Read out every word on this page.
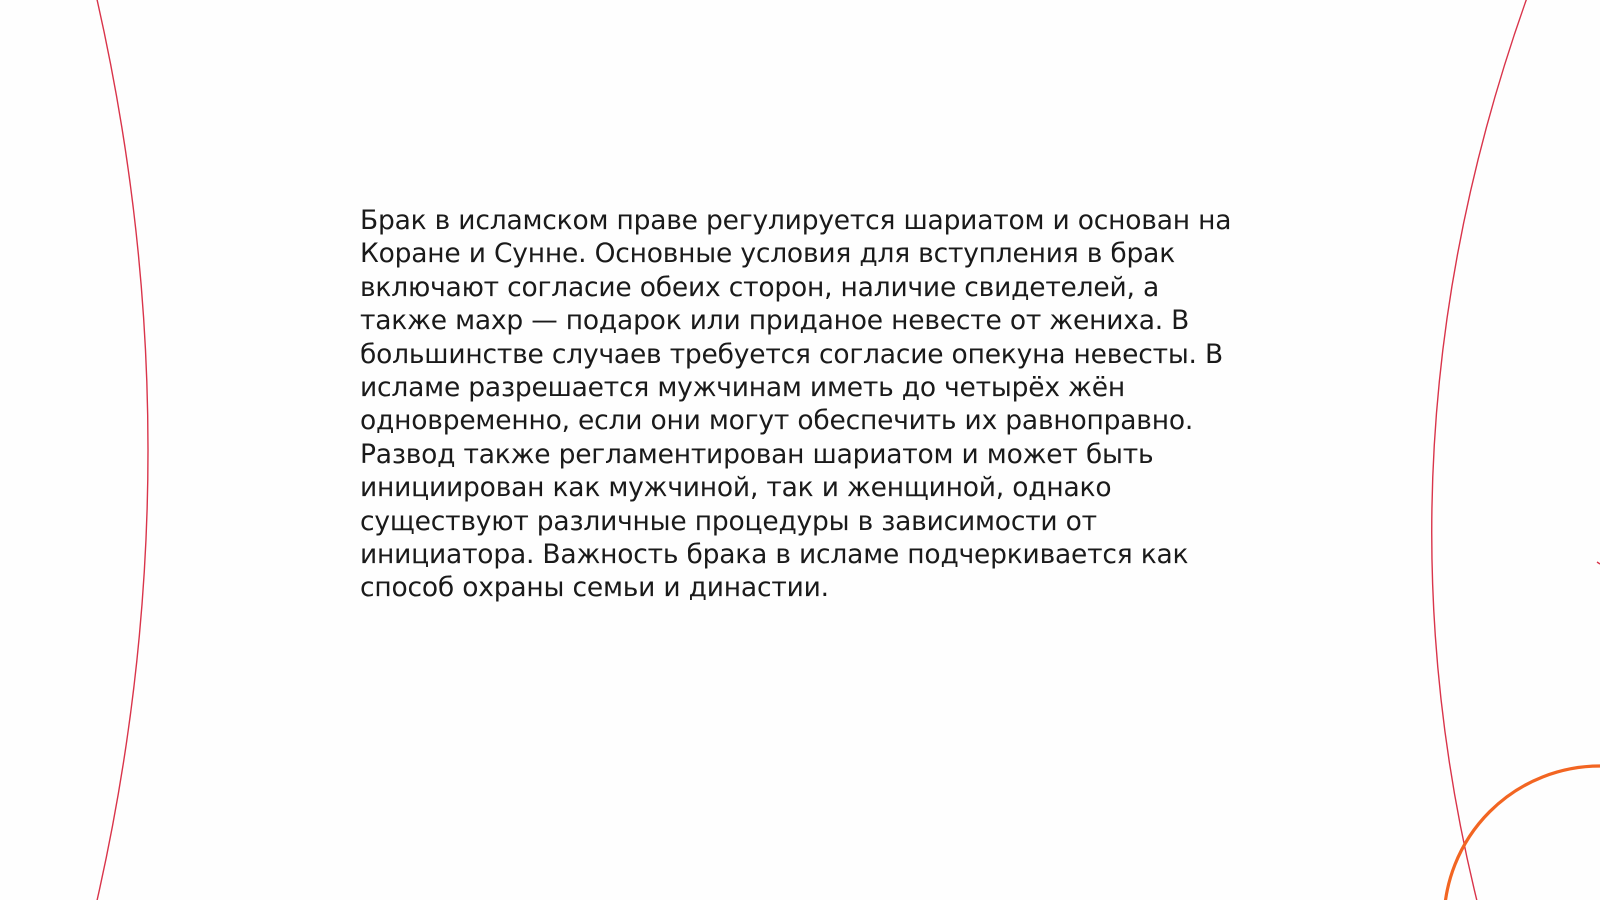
Брак в исламском праве регулируется шариатом и основан на Коране и Сунне. Основные условия для вступления в брак включают согласие обеих сторон, наличие свидетелей, а также махр — подарок или приданое невесте от жениха. В большинстве случаев требуется согласие опекуна невесты. В исламе разрешается мужчинам иметь до четырёх жён одновременно, если они могут обеспечить их равноправно. Развод также регламентирован шариатом и может быть инициирован как мужчиной, так и женщиной, однако существуют различные процедуры в зависимости от инициатора. Важность брака в исламе подчеркивается как способ охраны семьи и династии.
